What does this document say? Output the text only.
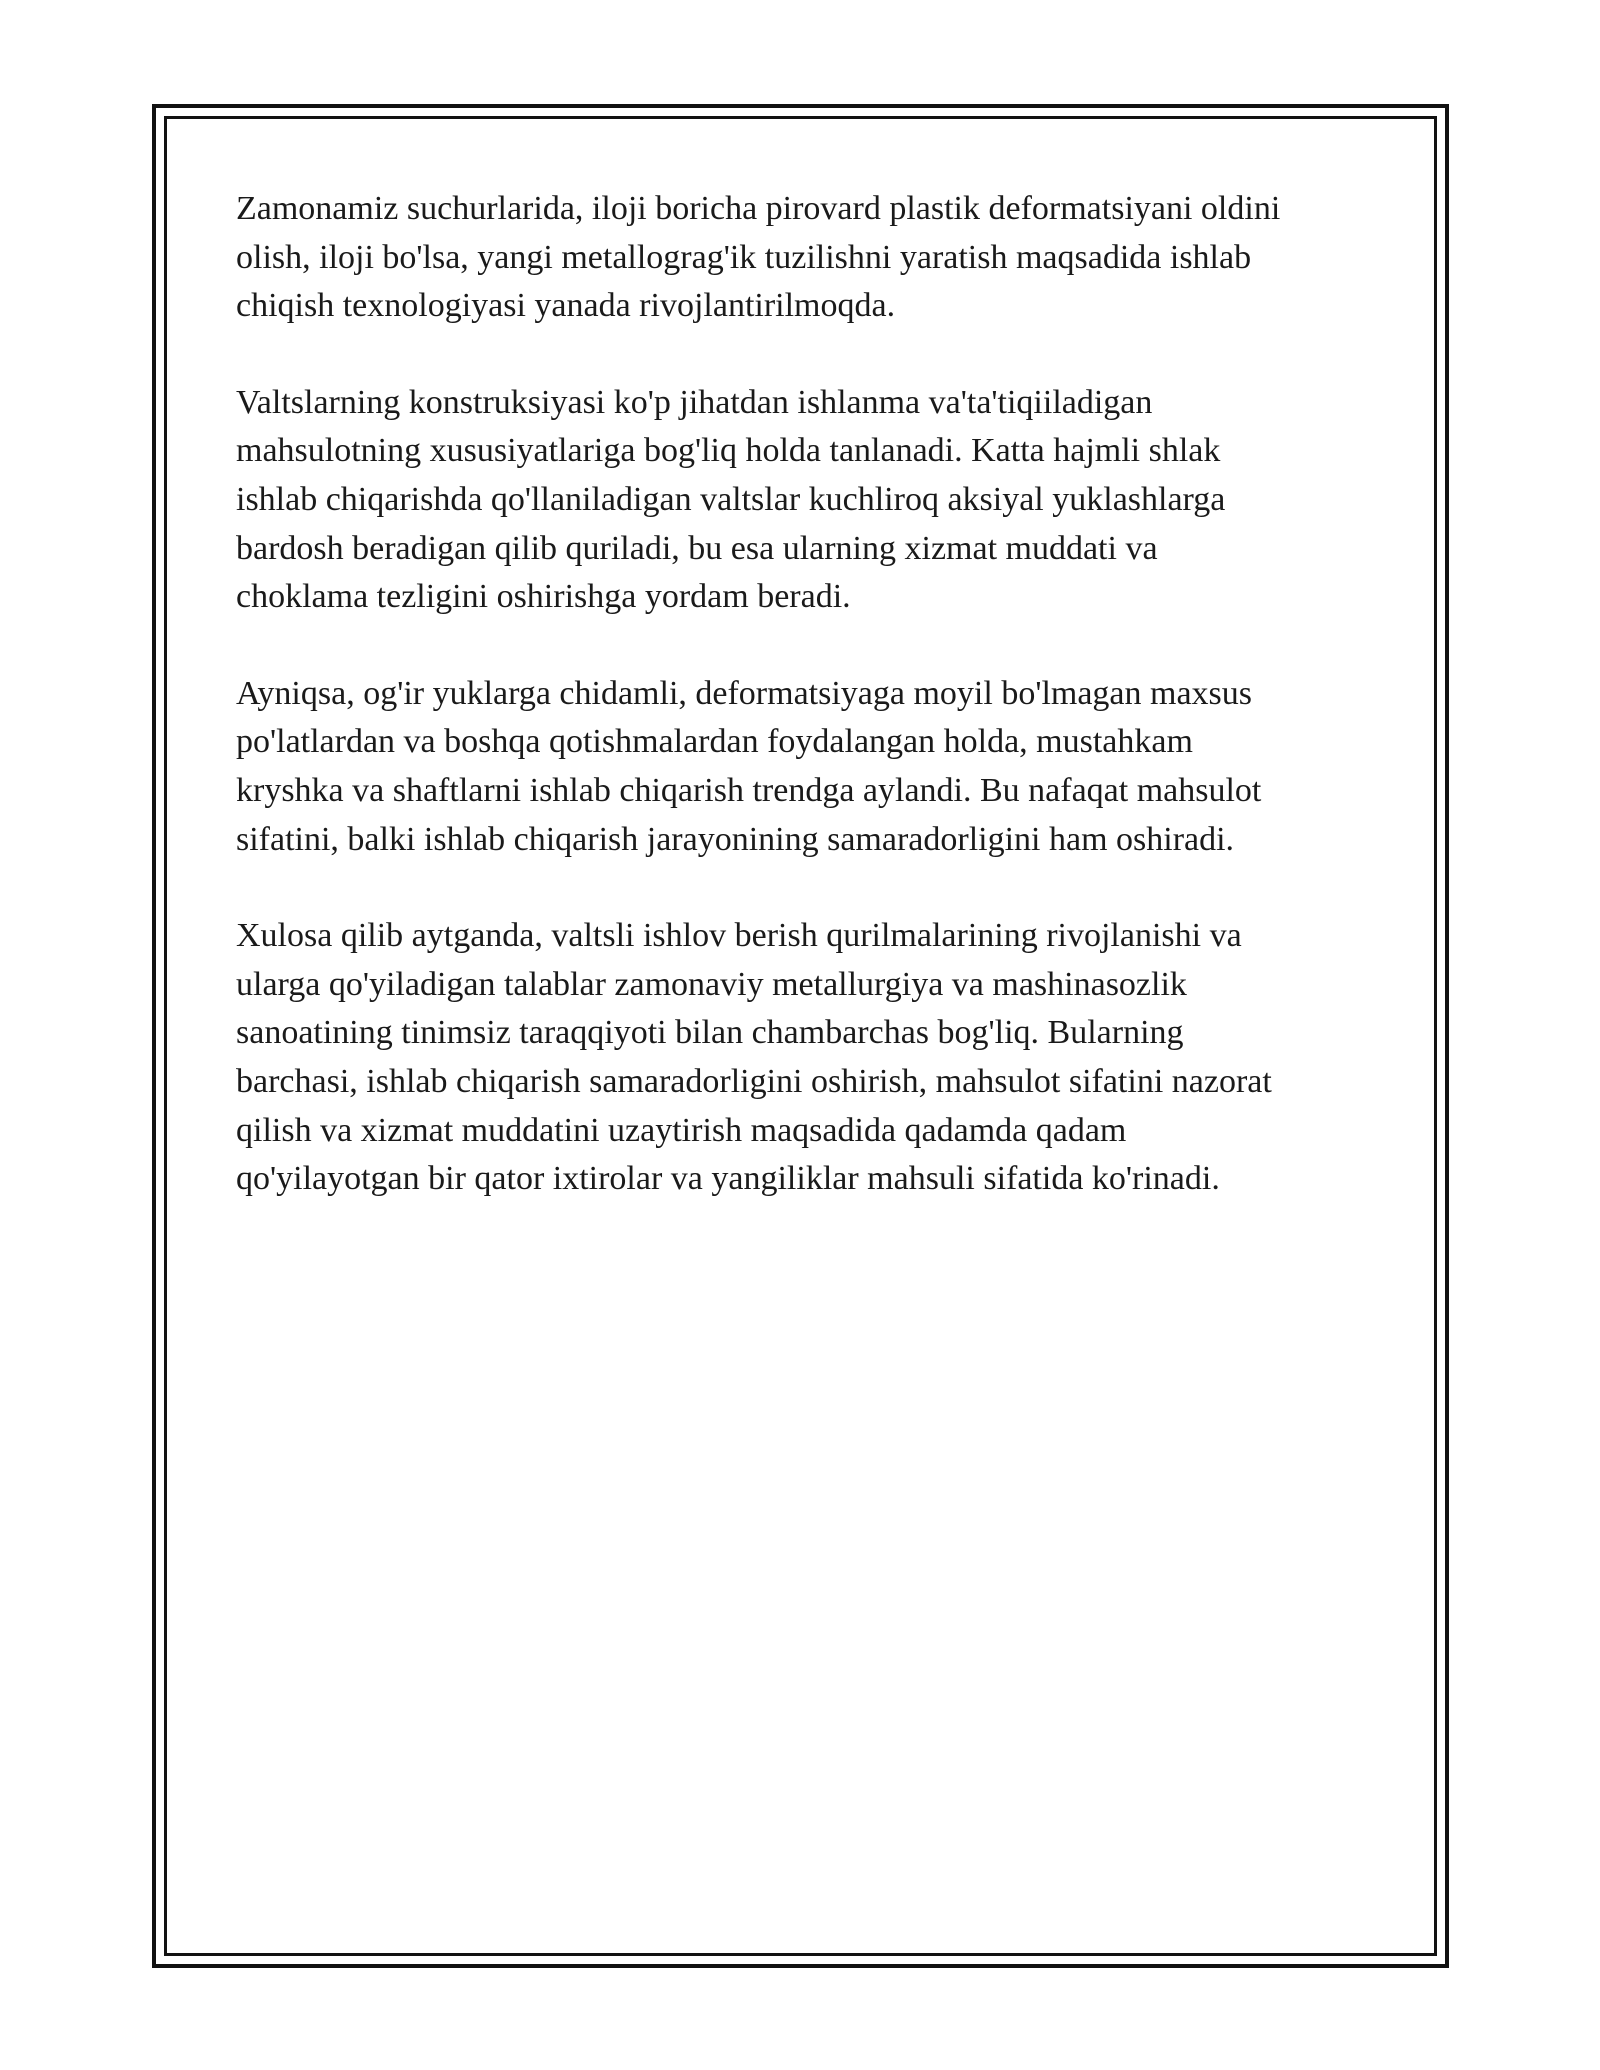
Zamonamiz suchurlarida, iloji boricha pirovard plastik deformatsiyani oldini
olish, iloji bo'lsa, yangi metallograg'ik tuzilishni yaratish maqsadida ishlab
chiqish texnologiyasi yanada rivojlantirilmoqda.

Valtslarning konstruksiyasi ko'p jihatdan ishlanma va'ta'tiqiiladigan
mahsulotning xususiyatlariga bog'liq holda tanlanadi. Katta hajmli shlak
ishlab chiqarishda qo'llaniladigan valtslar kuchliroq aksiyal yuklashlarga
bardosh beradigan qilib quriladi, bu esa ularning xizmat muddati va
choklama tezligini oshirishga yordam beradi.

Ayniqsa, og'ir yuklarga chidamli, deformatsiyaga moyil bo'lmagan maxsus
po'latlardan va boshqa qotishmalardan foydalangan holda, mustahkam
kryshka va shaftlarni ishlab chiqarish trendga aylandi. Bu nafaqat mahsulot
sifatini, balki ishlab chiqarish jarayonining samaradorligini ham oshiradi.

Xulosa qilib aytganda, valtsli ishlov berish qurilmalarining rivojlanishi va
ularga qo'yiladigan talablar zamonaviy metallurgiya va mashinasozlik
sanoatining tinimsiz taraqqiyoti bilan chambarchas bog'liq. Bularning
barchasi, ishlab chiqarish samaradorligini oshirish, mahsulot sifatini nazorat
qilish va xizmat muddatini uzaytirish maqsadida qadamda qadam
qo'yilayotgan bir qator ixtirolar va yangiliklar mahsuli sifatida ko'rinadi.
